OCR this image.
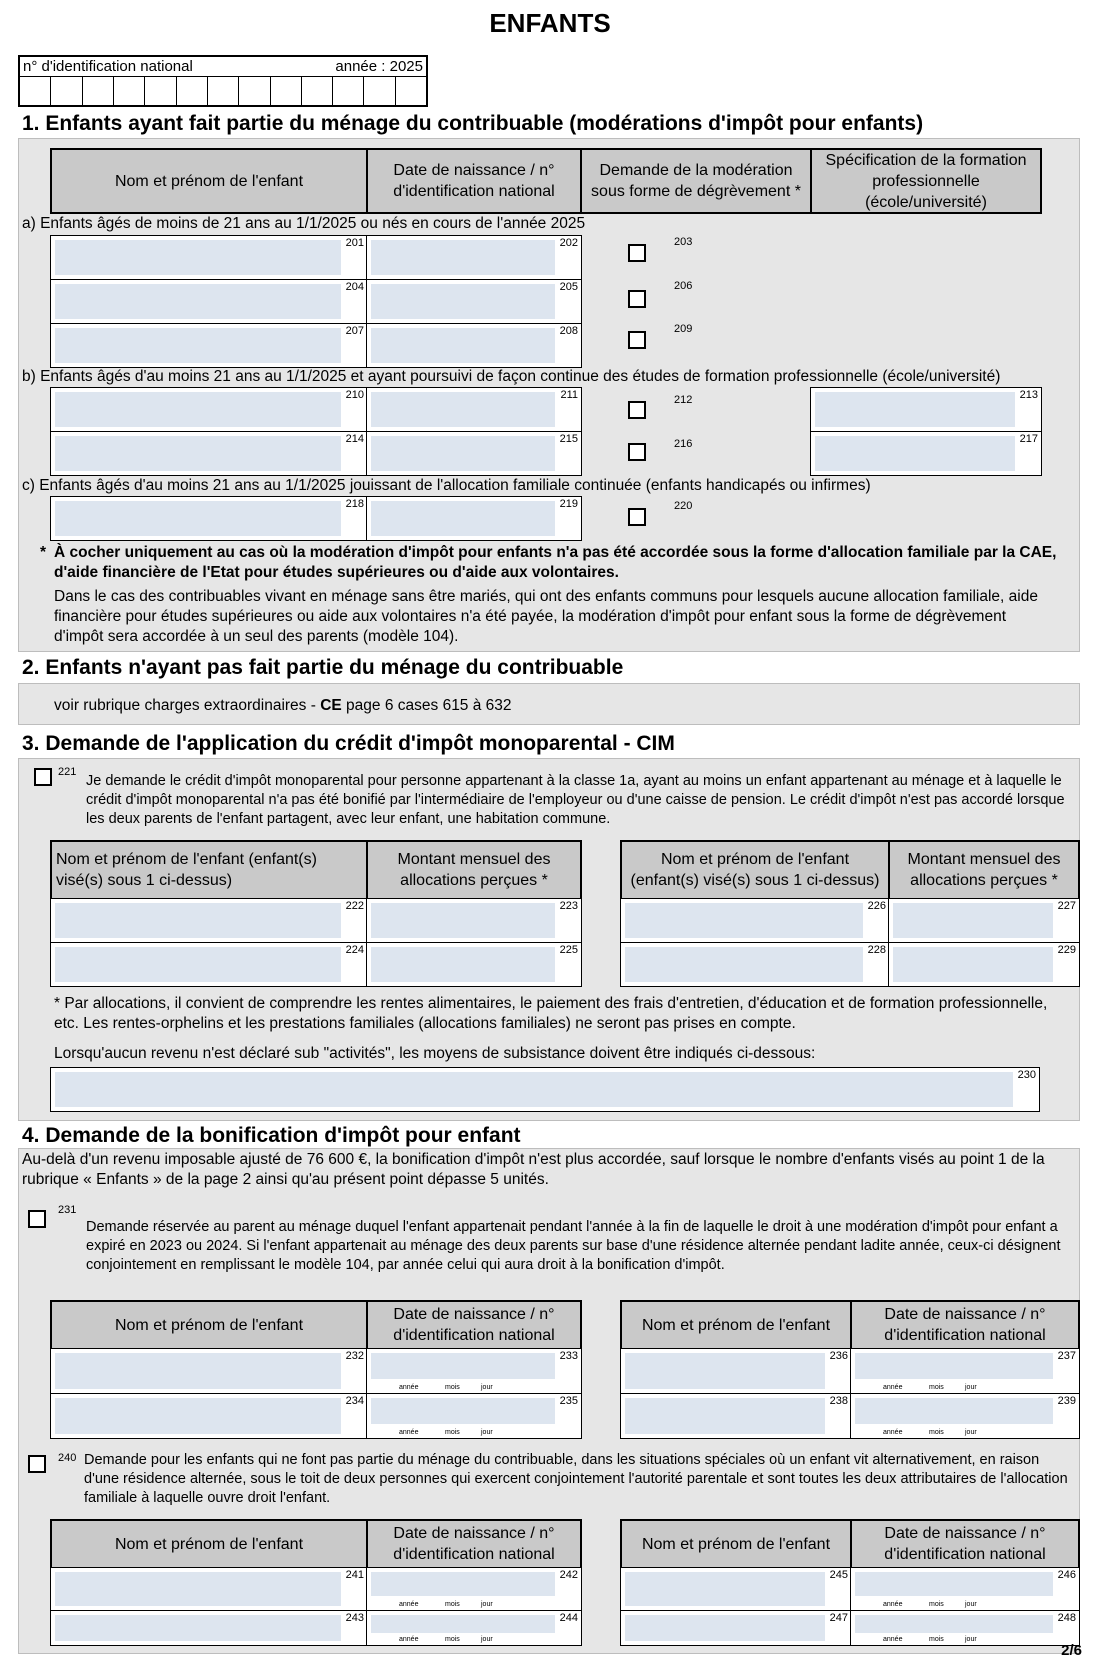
ENFANTS
n° d'identification national	année : 2025
1. Enfants ayant fait partie du ménage du contribuable (modérations d'impôt pour enfants)
Nom et prénom de l'enfant
Date de naissance / n° d'identification national
Demande de la modération sous forme de dégrèvement *
Spécification de la formation professionnelle (école/université)
a) Enfants âgés de moins de 21 ans au 1/1/2025 ou nés en cours de l'année 2025
201	202	203
204	205	206
207	208	209
b) Enfants âgés d'au moins 21 ans au 1/1/2025 et ayant poursuivi de façon continue des études de formation professionnelle (école/université)
210	211	212	213
214	215	216	217
c) Enfants âgés d'au moins 21 ans au 1/1/2025 jouissant de l'allocation familiale continuée (enfants handicapés ou infirmes)
218	219	220
* À cocher uniquement au cas où la modération d'impôt pour enfants n'a pas été accordée sous la forme d'allocation familiale par la CAE, d'aide financière de l'Etat pour études supérieures ou d'aide aux volontaires.
Dans le cas des contribuables vivant en ménage sans être mariés, qui ont des enfants communs pour lesquels aucune allocation familiale, aide financière pour études supérieures ou aide aux volontaires n'a été payée, la modération d'impôt pour enfant sous la forme de dégrèvement d'impôt sera accordée à un seul des parents (modèle 104).
2. Enfants n'ayant pas fait partie du ménage du contribuable
voir rubrique charges extraordinaires - CE page 6 cases 615 à 632
3. Demande de l'application du crédit d'impôt monoparental - CIM
221
Je demande le crédit d'impôt monoparental pour personne appartenant à la classe 1a, ayant au moins un enfant appartenant au ménage et à laquelle le crédit d'impôt monoparental n'a pas été bonifié par l'intermédiaire de l'employeur ou d'une caisse de pension. Le crédit d'impôt n'est pas accordé lorsque les deux parents de l'enfant partagent, avec leur enfant, une habitation commune.
Nom et prénom de l'enfant (enfant(s) visé(s) sous 1 ci-dessus)
Montant mensuel des allocations perçues *
Nom et prénom de l'enfant (enfant(s) visé(s) sous 1 ci-dessus)
Montant mensuel des allocations perçues *
222	223	226	227
224	225	228	229
* Par allocations, il convient de comprendre les rentes alimentaires, le paiement des frais d'entretien, d'éducation et de formation professionnelle, etc. Les rentes-orphelins et les prestations familiales (allocations familiales) ne seront pas prises en compte.
Lorsqu'aucun revenu n'est déclaré sub "activités", les moyens de subsistance doivent être indiqués ci-dessous:
230
4. Demande de la bonification d'impôt pour enfant
Au-delà d'un revenu imposable ajusté de 76 600 €, la bonification d'impôt n'est plus accordée, sauf lorsque le nombre d'enfants visés au point 1 de la rubrique « Enfants » de la page 2 ainsi qu'au présent point dépasse 5 unités.
231
Demande réservée au parent au ménage duquel l'enfant appartenait pendant l'année à la fin de laquelle le droit à une modération d'impôt pour enfant a expiré en 2023 ou 2024. Si l'enfant appartenait au ménage des deux parents sur base d'une résidence alternée pendant ladite année, ceux-ci désignent conjointement en remplissant le modèle 104, par année celui qui aura droit à la bonification d'impôt.
Nom et prénom de l'enfant
Date de naissance / n° d'identification national
Nom et prénom de l'enfant
Date de naissance / n° d'identification national
232	233
année	mois	jour
236	237
année	mois	jour
234	235
année	mois	jour
238	239
année	mois	jour
240 Demande pour les enfants qui ne font pas partie du ménage du contribuable, dans les situations spéciales où un enfant vit alternativement, en raison d'une résidence alternée, sous le toit de deux personnes qui exercent conjointement l'autorité parentale et sont toutes les deux attributaires de l'allocation familiale à laquelle ouvre droit l'enfant.
Nom et prénom de l'enfant
Date de naissance / n° d'identification national
Nom et prénom de l'enfant
Date de naissance / n° d'identification national
241	242
année	mois	jour
245	246
année	mois	jour
243	244
année	mois	jour
247	248
année	mois	jour
2/6
